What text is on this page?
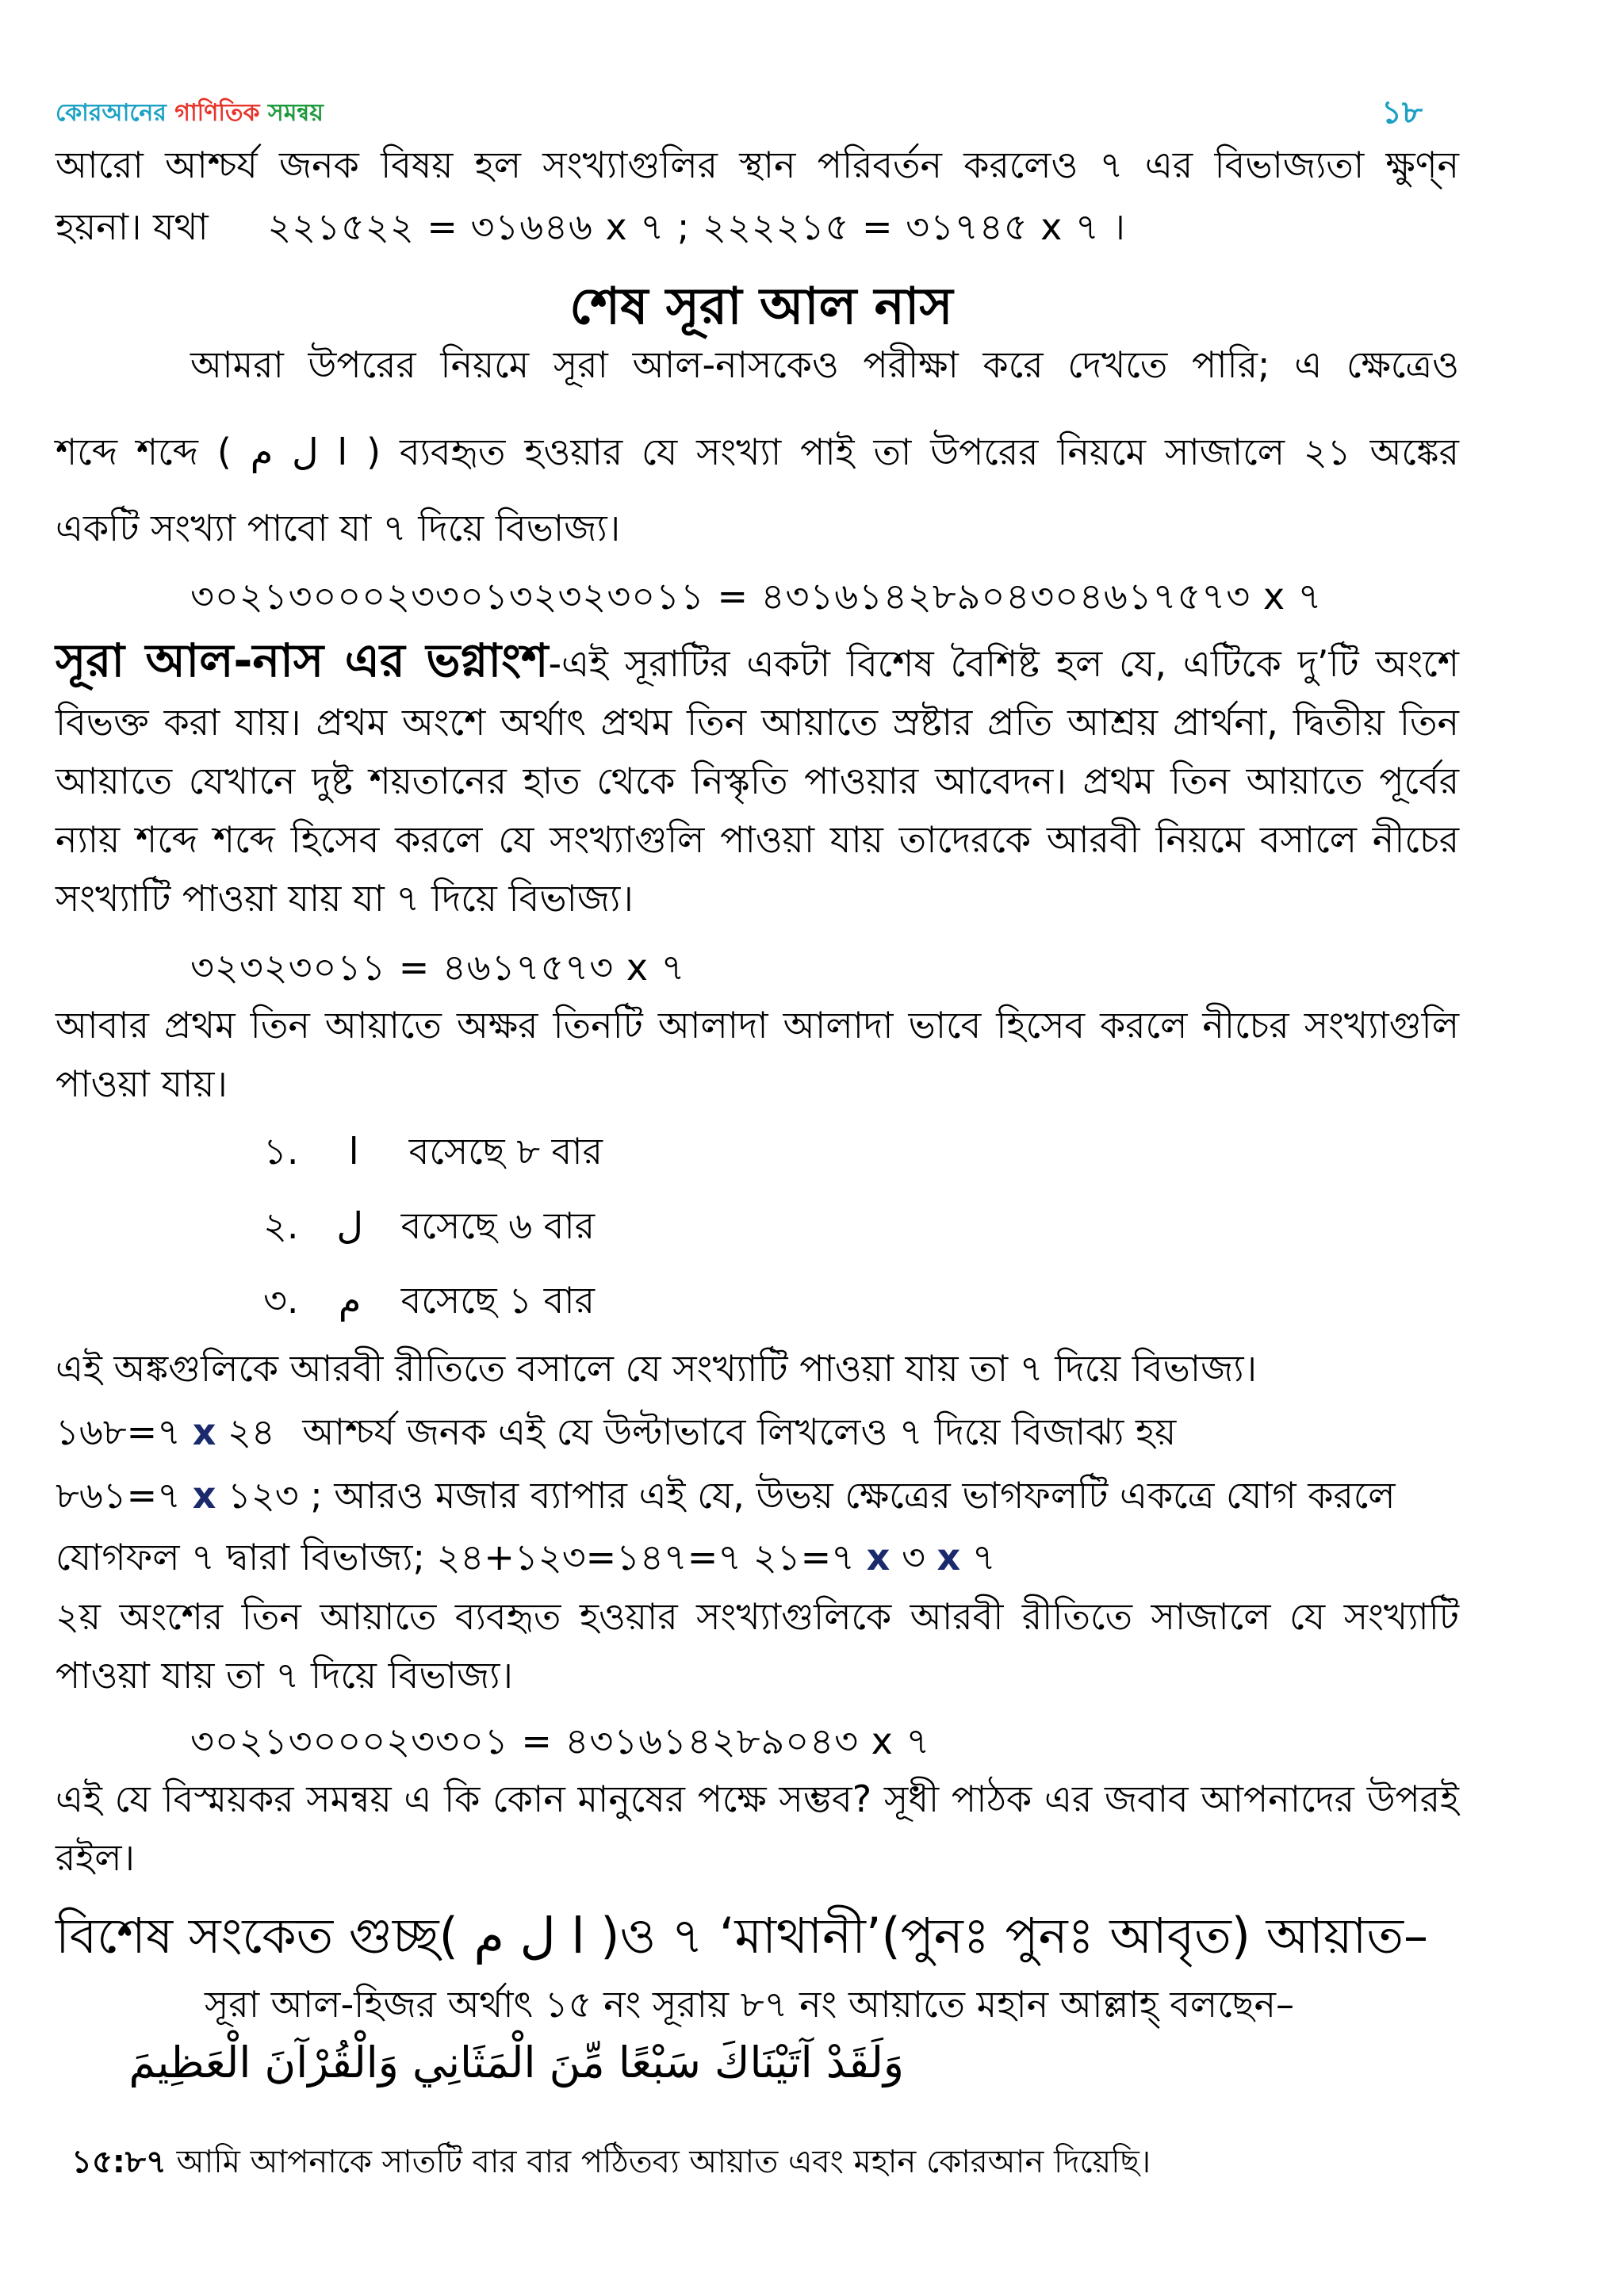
কোরআনের গাণিতিক সমন্বয়	১৮
আরো আশ্চর্য জনক বিষয় হল সংখ্যাগুলির স্থান পরিবর্তন করলেও ৭ এর বিভাজ্যতা ক্ষুণ্ন
হয়না। যথা ২২১৫২২ = ৩১৬৪৬ x ৭ ; ২২২২১৫ = ৩১৭৪৫ x ৭ ।
শেষ সূরা আল নাস
আমরা উপরের নিয়মে সূরা আল-নাসকেও পরীক্ষা করে দেখতে পারি; এ ক্ষেত্রেও
শব্দে শব্দে ( ا ل م ) ব্যবহৃত হওয়ার যে সংখ্যা পাই তা উপরের নিয়মে সাজালে ২১ অঙ্কের
একটি সংখ্যা পাবো যা ৭ দিয়ে বিভাজ্য।
৩০২১৩০০০২৩৩০১৩২৩২৩০১১ = ৪৩১৬১৪২৮৯০৪৩০৪৬১৭৫৭৩ x ৭
সূরা আল-নাস এর ভগ্নাংশ-এই সূরাটির একটা বিশেষ বৈশিষ্ট হল যে, এটিকে দু’টি অংশে বিভক্ত করা যায়। প্রথম অংশে অর্থাৎ প্রথম তিন আয়াতে স্রষ্টার প্রতি আশ্রয় প্রার্থনা, দ্বিতীয় তিন আয়াতে যেখানে দুষ্ট শয়তানের হাত থেকে নিস্কৃতি পাওয়ার আবেদন। প্রথম তিন আয়াতে পূর্বের ন্যায় শব্দে শব্দে হিসেব করলে যে সংখ্যাগুলি পাওয়া যায় তাদেরকে আরবী নিয়মে বসালে নীচের সংখ্যাটি পাওয়া যায় যা ৭ দিয়ে বিভাজ্য।
৩২৩২৩০১১ = ৪৬১৭৫৭৩ x ৭
আবার প্রথম তিন আয়াতে অক্ষর তিনটি আলাদা আলাদা ভাবে হিসেব করলে নীচের সংখ্যাগুলি পাওয়া যায়।
১. ا বসেছে ৮ বার
২. ل বসেছে ৬ বার
৩. م বসেছে ১ বার
এই অঙ্কগুলিকে আরবী রীতিতে বসালে যে সংখ্যাটি পাওয়া যায় তা ৭ দিয়ে বিভাজ্য।
১৬৮=৭ x ২৪ আশ্চর্য জনক এই যে উল্টাভাবে লিখলেও ৭ দিয়ে বিজাঝ্য হয়
৮৬১=৭ x ১২৩ ; আরও মজার ব্যাপার এই যে, উভয় ক্ষেত্রের ভাগফলটি একত্রে যোগ করলে
যোগফল ৭ দ্বারা বিভাজ্য; ২৪+১২৩=১৪৭=৭ ২১=৭ x ৩ x ৭
২য় অংশের তিন আয়াতে ব্যবহৃত হওয়ার সংখ্যাগুলিকে আরবী রীতিতে সাজালে যে সংখ্যাটি পাওয়া যায় তা ৭ দিয়ে বিভাজ্য।
৩০২১৩০০০২৩৩০১ = ৪৩১৬১৪২৮৯০৪৩ x ৭
এই যে বিস্ময়কর সমন্বয় এ কি কোন মানুষের পক্ষে সম্ভব? সূধী পাঠক এর জবাব আপনাদের উপরই রইল।
বিশেষ সংকেত গুচ্ছ( ا ل م )ও ৭ ‘মাথানী’(পুনঃ পুনঃ আবৃত) আয়াত–
সূরা আল-হিজর অর্থাৎ ১৫ নং সূরায় ৮৭ নং আয়াতে মহান আল্লাহ্ বলছেন–
وَلَقَدْ آتَيْنَاكَ سَبْعًا مِّنَ الْمَثَانِي وَالْقُرْآنَ الْعَظِيمَ
১৫:৮৭ আমি আপনাকে সাতটি বার বার পঠিতব্য আয়াত এবং মহান কোরআন দিয়েছি।
